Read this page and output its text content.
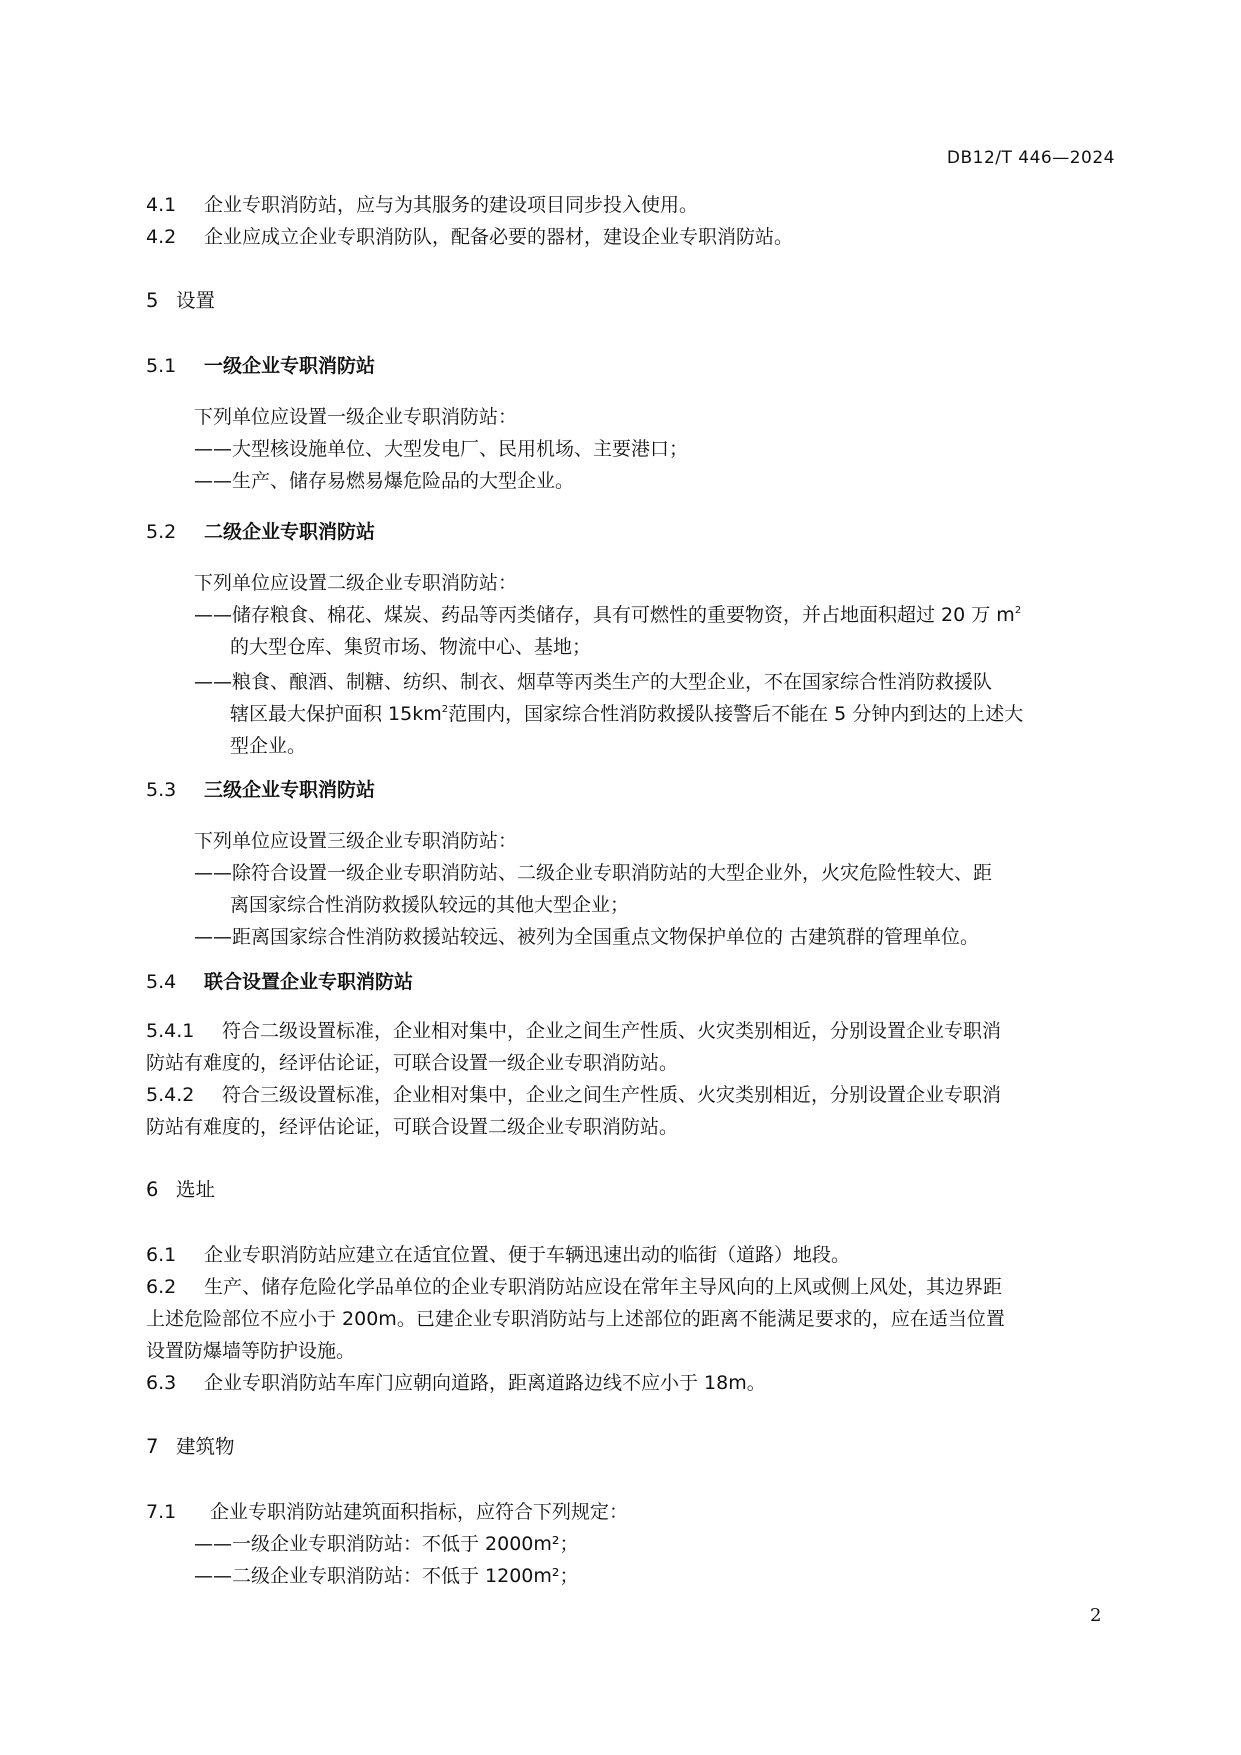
DB12/T 446—2024
4.1 企业专职消防站，应与为其服务的建设项目同步投入使用。
4.2 企业应成立企业专职消防队，配备必要的器材，建设企业专职消防站。
5 设置
5.1 一级企业专职消防站
下列单位应设置一级企业专职消防站：
——大型核设施单位、大型发电厂、民用机场、主要港口；
——生产、储存易燃易爆危险品的大型企业。
5.2 二级企业专职消防站
下列单位应设置二级企业专职消防站：
——储存粮食、棉花、煤炭、药品等丙类储存，具有可燃性的重要物资，并占地面积超过 20 万 $m^2$
的大型仓库、集贸市场、物流中心、基地；
——粮食、酿酒、制糖、纺织、制衣、烟草等丙类生产的大型企业，不在国家综合性消防救援队
辖区最大保护面积 $15km^2$范围内，国家综合性消防救援队接警后不能在 5 分钟内到达的上述大
型企业。
5.3 三级企业专职消防站
下列单位应设置三级企业专职消防站：
——除符合设置一级企业专职消防站、二级企业专职消防站的大型企业外，火灾危险性较大、距
离国家综合性消防救援队较远的其他大型企业；
——距离国家综合性消防救援站较远、被列为全国重点文物保护单位的 古建筑群的管理单位。
5.4 联合设置企业专职消防站
5.4.1 符合二级设置标准，企业相对集中，企业之间生产性质、火灾类别相近，分别设置企业专职消
防站有难度的，经评估论证，可联合设置一级企业专职消防站。
5.4.2 符合三级设置标准，企业相对集中，企业之间生产性质、火灾类别相近，分别设置企业专职消
防站有难度的，经评估论证，可联合设置二级企业专职消防站。
6 选址
6.1 企业专职消防站应建立在适宜位置、便于车辆迅速出动的临街（道路）地段。
6.2 生产、储存危险化学品单位的企业专职消防站应设在常年主导风向的上风或侧上风处，其边界距
上述危险部位不应小于 200m。已建企业专职消防站与上述部位的距离不能满足要求的，应在适当位置
设置防爆墙等防护设施。
6.3 企业专职消防站车库门应朝向道路，距离道路边线不应小于 18m。
7 建筑物
7.1 企业专职消防站建筑面积指标，应符合下列规定：
——一级企业专职消防站：不低于 2000m²；
——二级企业专职消防站：不低于 1200m²；
2
